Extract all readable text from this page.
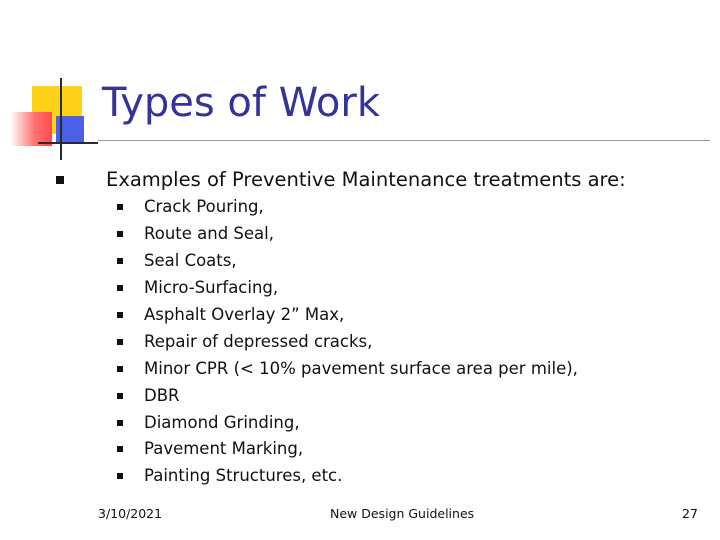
Types of Work
Examples of Preventive Maintenance treatments are:
Crack Pouring,
Route and Seal,
Seal Coats,
Micro-Surfacing,
Asphalt Overlay 2” Max,
Repair of depressed cracks,
Minor CPR (< 10% pavement surface area per mile),
DBR
Diamond Grinding,
Pavement Marking,
Painting Structures, etc.
3/10/2021	New Design Guidelines	27
